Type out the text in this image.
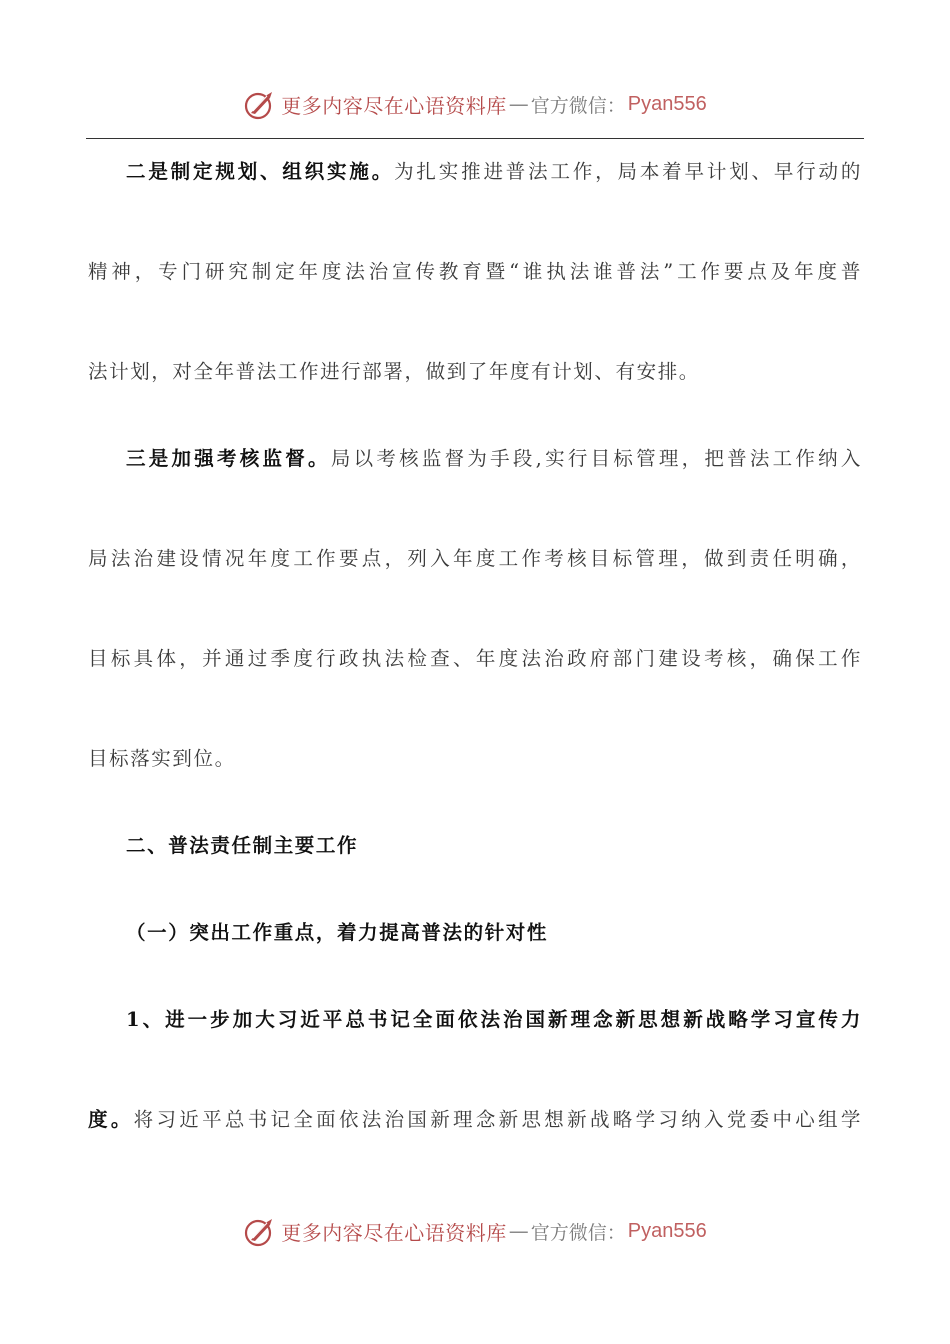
更多内容尽在心语资料库 — 官方微信： Pyan556
二是制定规划、组织实施。为扎实推进普法工作，局本着早计划、早行动的
精神，专门研究制定年度法治宣传教育暨“谁执法谁普法”工作要点及年度普
法计划，对全年普法工作进行部署，做到了年度有计划、有安排。
三是加强考核监督。局以考核监督为手段,实行目标管理，把普法工作纳入
局法治建设情况年度工作要点，列入年度工作考核目标管理，做到责任明确，
目标具体，并通过季度行政执法检查、年度法治政府部门建设考核，确保工作
目标落实到位。
二、普法责任制主要工作
（一）突出工作重点，着力提高普法的针对性
1、进一步加大习近平总书记全面依法治国新理念新思想新战略学习宣传力
度。将习近平总书记全面依法治国新理念新思想新战略学习纳入党委中心组学
更多内容尽在心语资料库 — 官方微信： Pyan556
